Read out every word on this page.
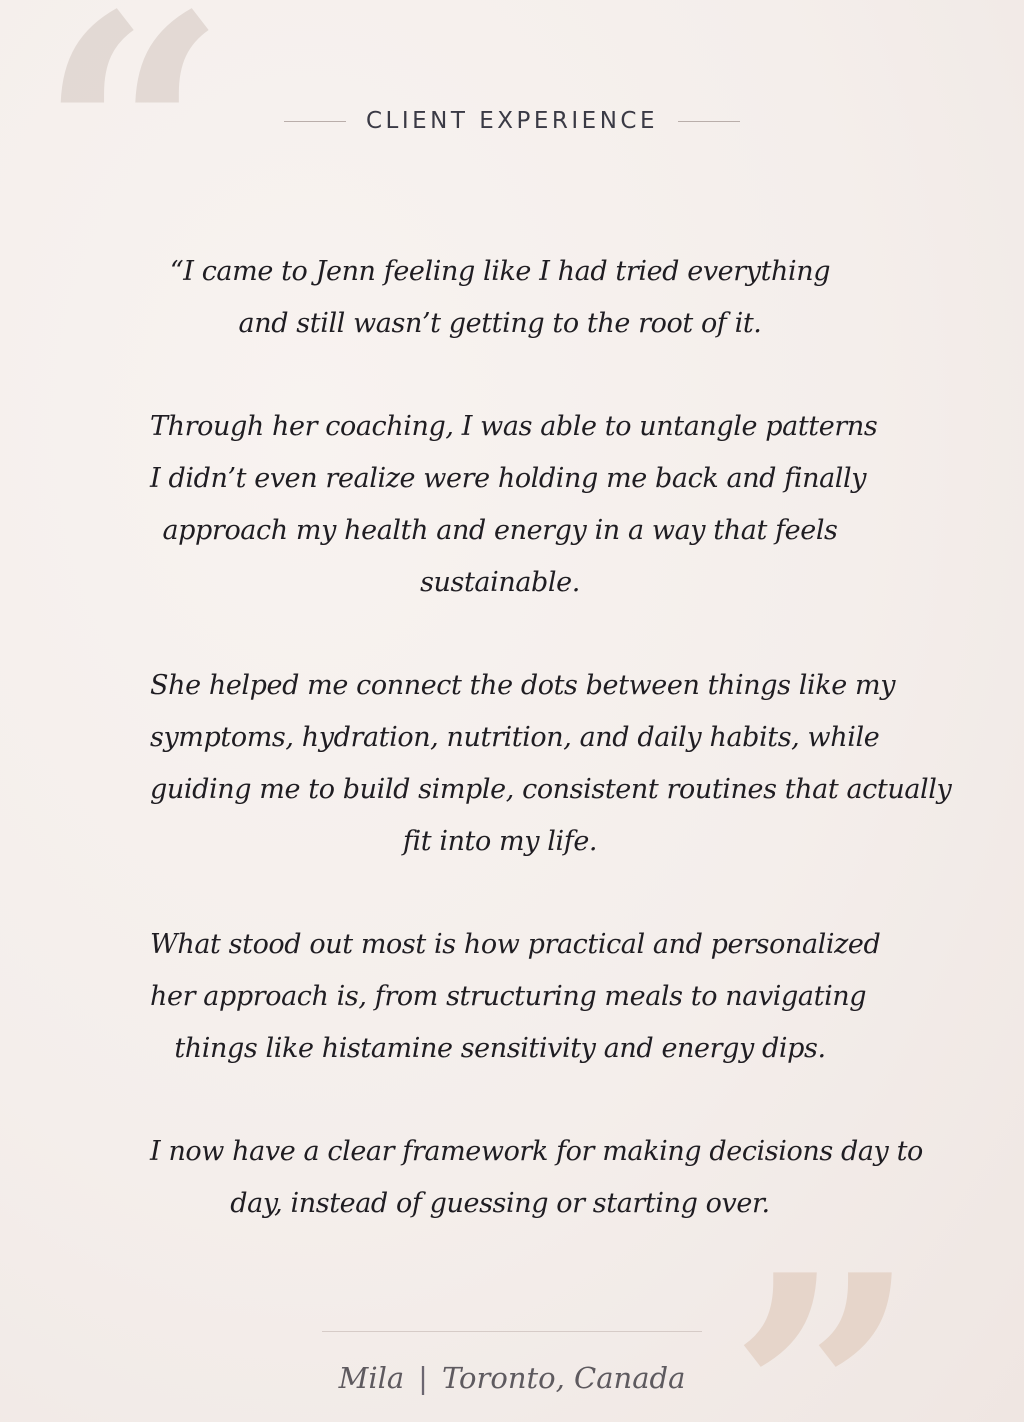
“
”
CLIENT EXPERIENCE

“I came to Jenn feeling like I had tried everything
and still wasn’t getting to the root of it.

Through her coaching, I was able to untangle patterns
I didn’t even realize were holding me back and finally
approach my health and energy in a way that feels
sustainable.

She helped me connect the dots between things like my
symptoms, hydration, nutrition, and daily habits, while
guiding me to build simple, consistent routines that actually
fit into my life.

What stood out most is how practical and personalized
her approach is, from structuring meals to navigating
things like histamine sensitivity and energy dips.

I now have a clear framework for making decisions day to
day, instead of guessing or starting over.

Mila | Toronto, Canada
